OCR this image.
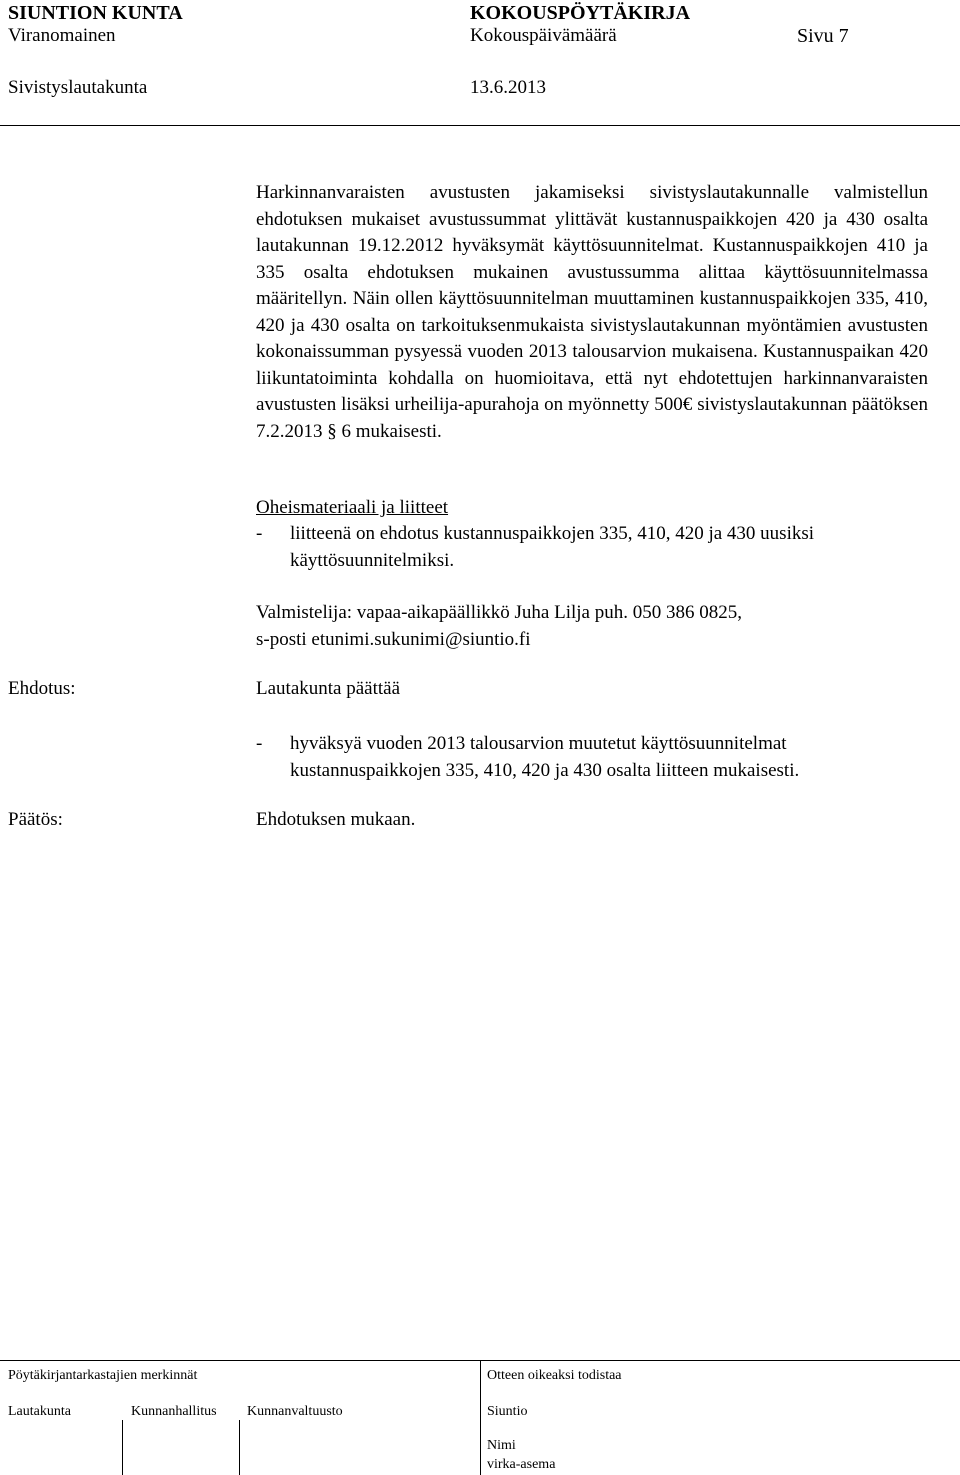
SIUNTION KUNTA	KOKOUSPÖYTÄKIRJA
Viranomainen	Kokouspäivämäärä	Sivu 7
Sivistyslautakunta	13.6.2013

Harkinnanvaraisten avustusten jakamiseksi sivistyslautakunnalle valmistellun ehdotuksen mukaiset avustussummat ylittävät kustannuspaikkojen 420 ja 430 osalta lautakunnan 19.12.2012 hyväksymät käyttösuunnitelmat. Kustannuspaikkojen 410 ja 335 osalta ehdotuksen mukainen avustussumma alittaa käyttösuunnitelmassa määritellyn. Näin ollen käyttösuunnitelman muuttaminen kustannuspaikkojen 335, 410, 420 ja 430 osalta on tarkoituksenmukaista sivistyslautakunnan myöntämien avustusten kokonaissumman pysyessä vuoden 2013 talousarvion mukaisena. Kustannuspaikan 420 liikuntatoiminta kohdalla on huomioitava, että nyt ehdotettujen harkinnanvaraisten avustusten lisäksi urheilija-apurahoja on myönnetty 500€ sivistyslautakunnan päätöksen 7.2.2013 § 6 mukaisesti.

Oheismateriaali ja liitteet

- liitteenä on ehdotus kustannuspaikkojen 335, 410, 420 ja 430 uusiksi käyttösuunnitelmiksi.

Valmistelija: vapaa-aikapäällikkö Juha Lilja puh. 050 386 0825,

s-posti etunimi.sukunimi@siuntio.fi

Ehdotus:	Lautakunta päättää
- hyväksyä vuoden 2013 talousarvion muutetut käyttösuunnitelmat kustannuspaikkojen 335, 410, 420 ja 430 osalta liitteen mukaisesti.
Päätös:	Ehdotuksen mukaan.
Pöytäkirjantarkastajien merkinnät	Otteen oikeaksi todistaa
Lautakunta	Kunnanhallitus Kunnanvaltuusto	Siuntio
Nimi
virka-asema
